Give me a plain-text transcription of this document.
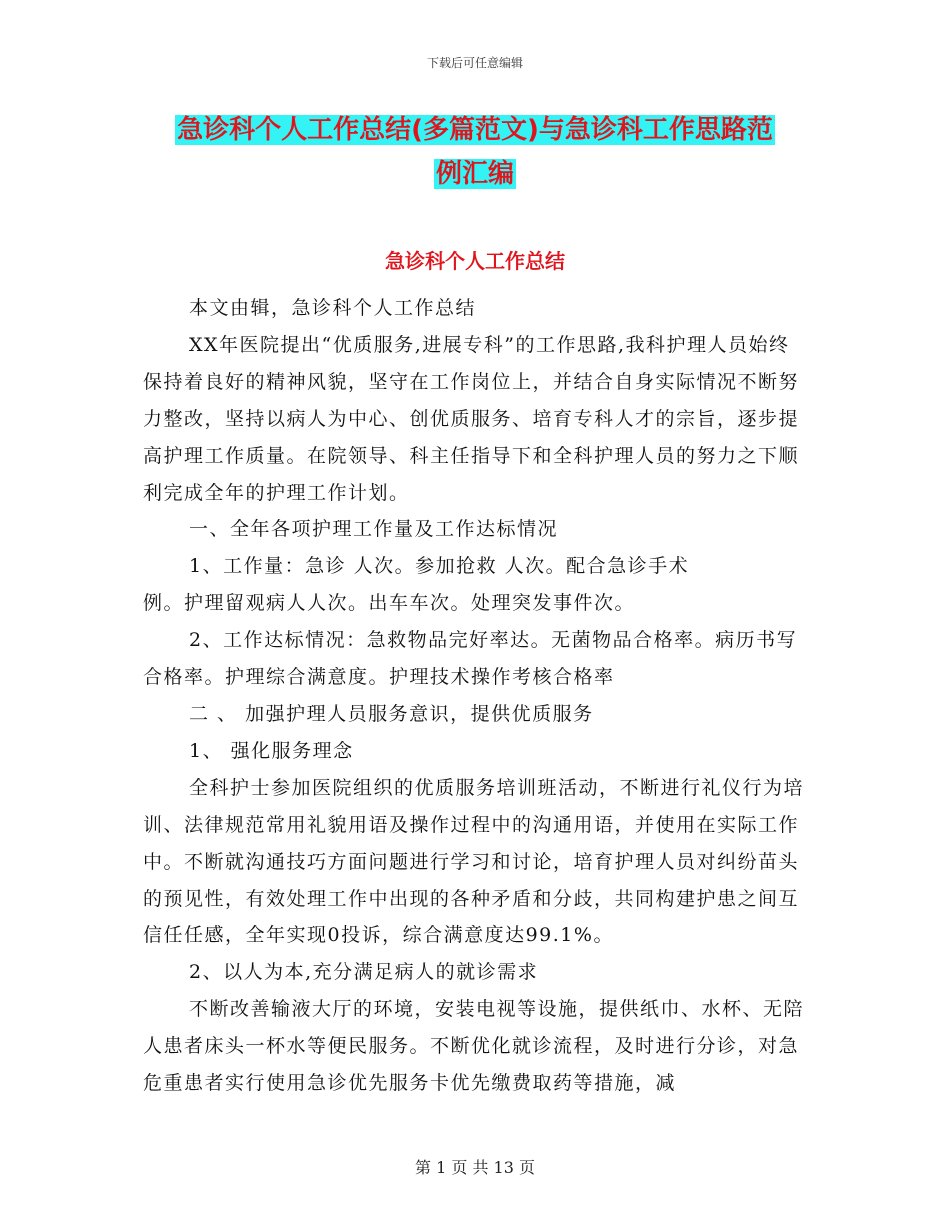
下载后可任意编辑
急诊科个人工作总结(多篇范文)与急诊科工作思路范
例汇编
急诊科个人工作总结

本文由辑，急诊科个人工作总结

XX年医院提出“优质服务,进展专科”的工作思路,我科护理人员始终保持着良好的精神风貌，坚守在工作岗位上，并结合自身实际情况不断努力整改，坚持以病人为中心、创优质服务、培育专科人才的宗旨，逐步提高护理工作质量。在院领导、科主任指导下和全科护理人员的努力之下顺利完成全年的护理工作计划。

一、全年各项护理工作量及工作达标情况

1、工作量：急诊 人次。参加抢救 人次。配合急诊手术

例。护理留观病人人次。出车车次。处理突发事件次。

2、工作达标情况：急救物品完好率达。无菌物品合格率。病历书写合格率。护理综合满意度。护理技术操作考核合格率

二 、 加强护理人员服务意识，提供优质服务

1、 强化服务理念

全科护士参加医院组织的优质服务培训班活动，不断进行礼仪行为培训、法律规范常用礼貌用语及操作过程中的沟通用语，并使用在实际工作中。不断就沟通技巧方面问题进行学习和讨论，培育护理人员对纠纷苗头的预见性，有效处理工作中出现的各种矛盾和分歧，共同构建护患之间互信任任感，全年实现0投诉，综合满意度达99.1%。

2、以人为本,充分满足病人的就诊需求

不断改善输液大厅的环境，安装电视等设施，提供纸巾、水杯、无陪人患者床头一杯水等便民服务。不断优化就诊流程，及时进行分诊，对急危重患者实行使用急诊优先服务卡优先缴费取药等措施，减

第 1 页 共 13 页
